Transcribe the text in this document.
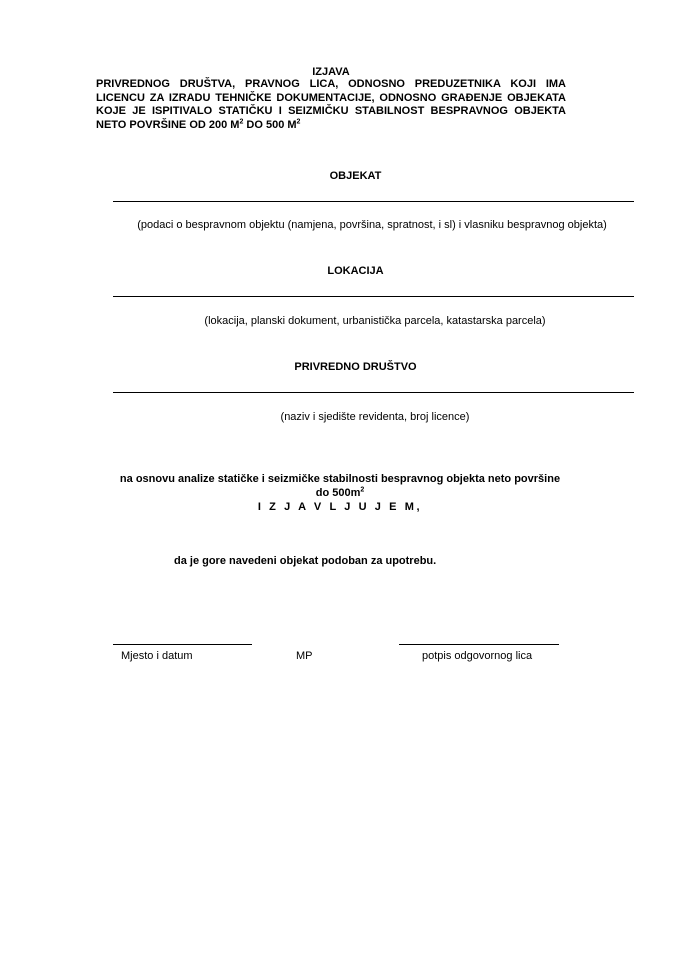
IZJAVA
PRIVREDNOG DRUŠTVA, PRAVNOG LICA, ODNOSNO PREDUZETNIKA KOJI IMA LICENCU ZA IZRADU TEHNIČKE DOKUMENTACIJE, ODNOSNO GRAĐENJE OBJEKATA KOJE JE ISPITIVALO STATIČKU I SEIZMIČKU STABILNOST BESPRAVNOG OBJEKTA NETO POVRŠINE OD 200 $M^2$ DO 500 $M^2$
OBJEKAT
(podaci o bespravnom objektu (namjena, površina, spratnost, i sl) i vlasniku bespravnog objekta)
LOKACIJA
(lokacija, planski dokument, urbanistička parcela, katastarska parcela)
PRIVREDNO DRUŠTVO
(naziv i sjedište revidenta, broj licence)
na osnovu analize statičke i seizmičke stabilnosti bespravnog objekta neto površine
do $500m^2$
I Z J A V L J U J E M,
da je gore navedeni objekat podoban za upotrebu.
Mjesto i datum	MP	potpis odgovornog lica
